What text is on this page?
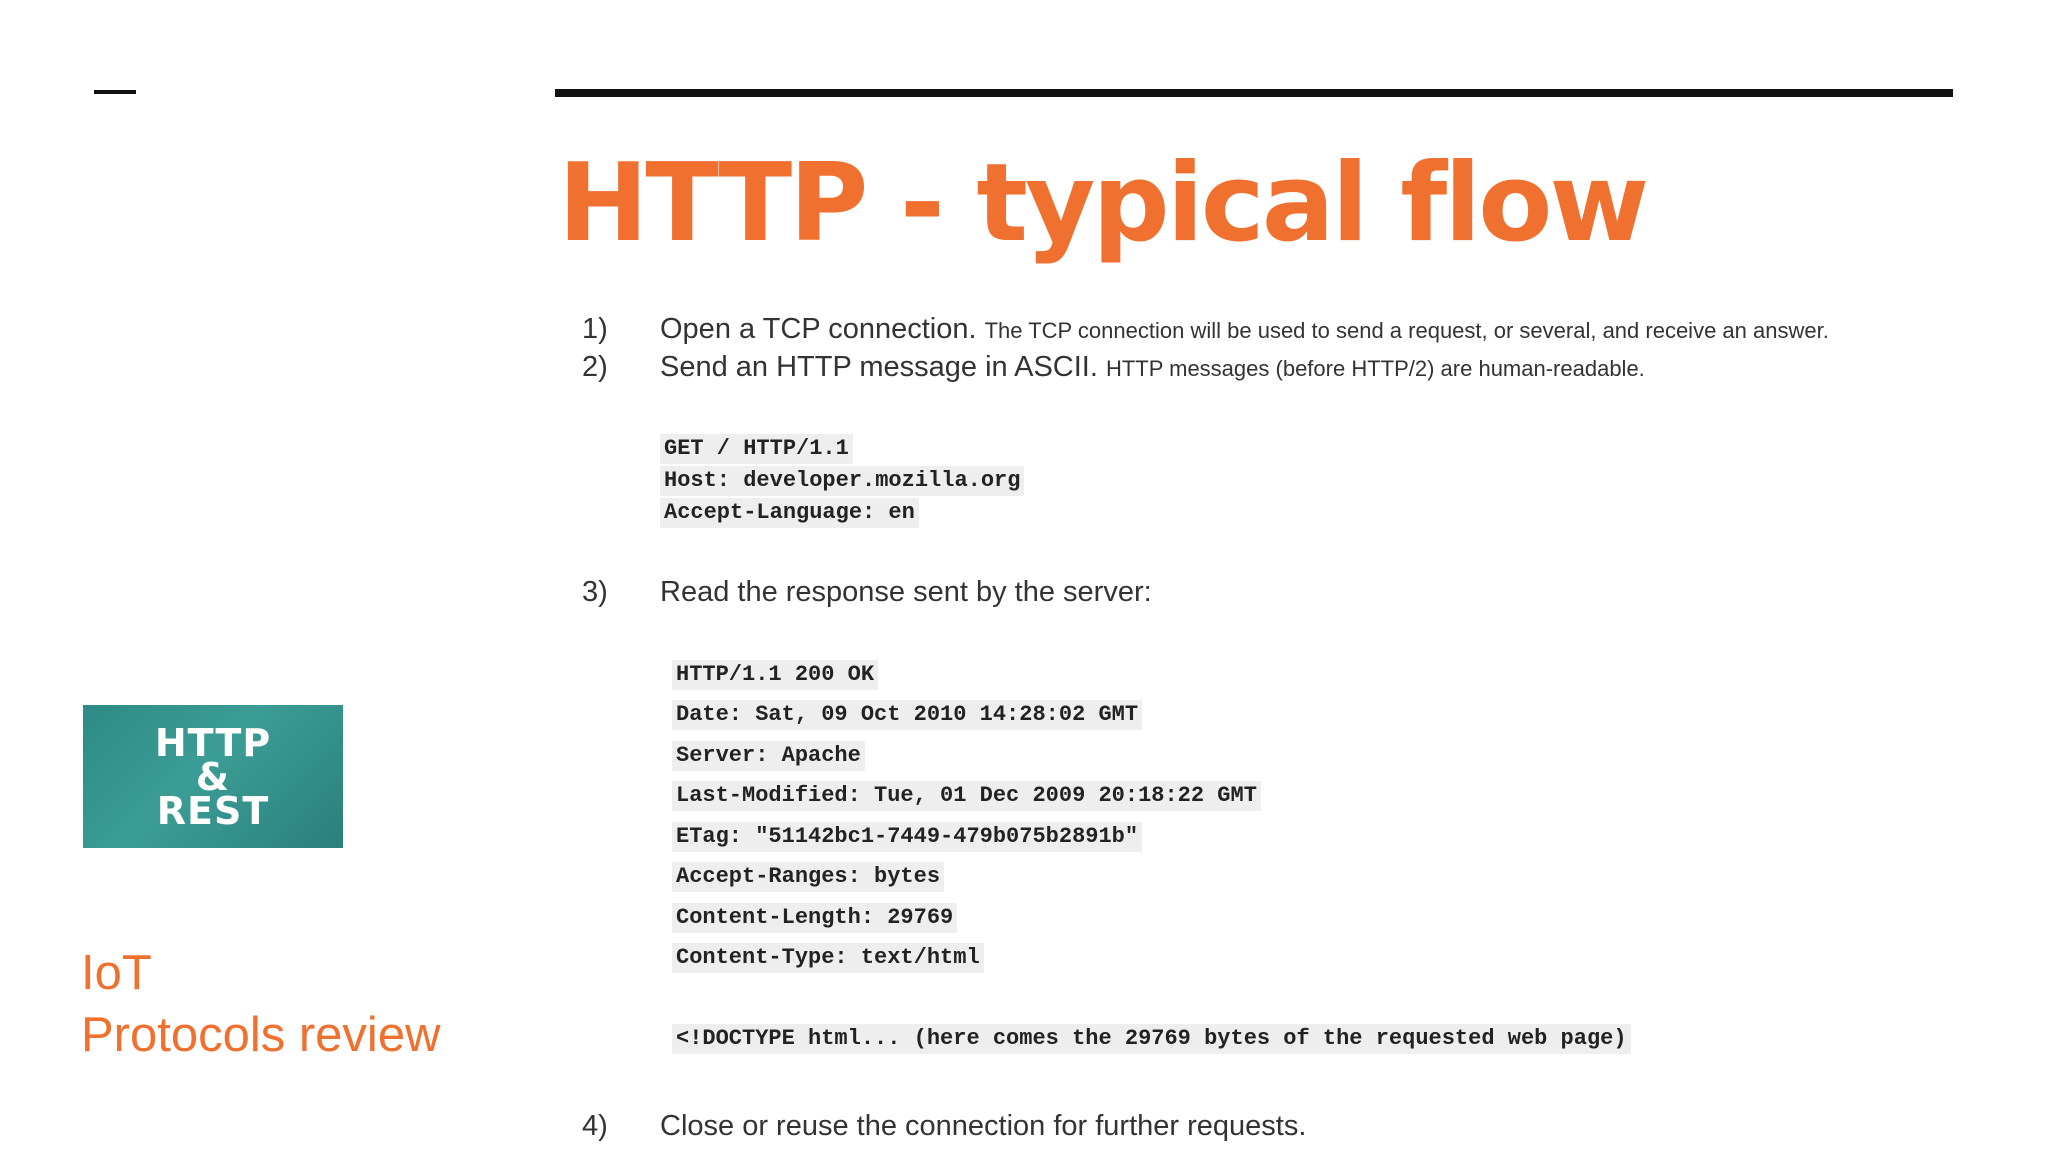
HTTP - typical flow
1) Open a TCP connection. The TCP connection will be used to send a request, or several, and receive an answer.
2) Send an HTTP message in ASCII. HTTP messages (before HTTP/2) are human-readable.
GET / HTTP/1.1
Host: developer.mozilla.org
Accept-Language: en
3) Read the response sent by the server:
HTTP/1.1 200 OK
Date: Sat, 09 Oct 2010 14:28:02 GMT
Server: Apache
Last-Modified: Tue, 01 Dec 2009 20:18:22 GMT
ETag: "51142bc1-7449-479b075b2891b"
Accept-Ranges: bytes
Content-Length: 29769
Content-Type: text/html
<!DOCTYPE html... (here comes the 29769 bytes of the requested web page)
4) Close or reuse the connection for further requests.
HTTP
&
REST
IoT
Protocols review
